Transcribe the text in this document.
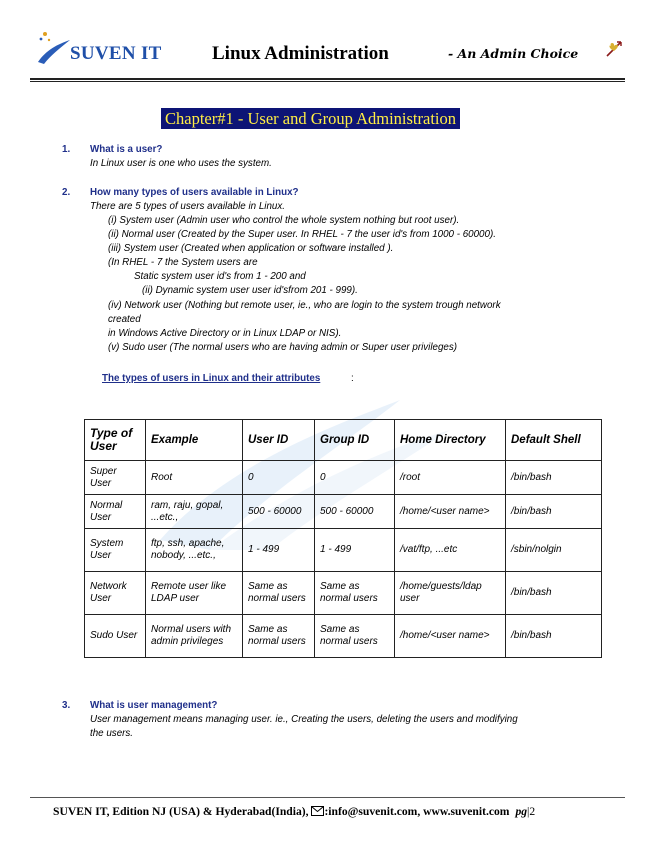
SUVEN IT	Linux Administration	- An Admin Choice
Chapter#1 - User and Group Administration
1. What is a user?
In Linux user is one who uses the system.
2. How many types of users available in Linux?
There are 5 types of users available in Linux.
(i) System user (Admin user who control the whole system nothing but root user).
(ii) Normal user (Created by the Super user. In RHEL - 7 the user id's from 1000 - 60000).
(iii) System user (Created when application or software installed ).
(In RHEL - 7 the System users are
Static system user id's from 1 - 200 and
(ii) Dynamic system user user id'sfrom 201 - 999).
(iv) Network user (Nothing but remote user, ie., who are login to the system trough network
created
in Windows Active Directory or in Linux LDAP or NIS).
(v) Sudo user (The normal users who are having admin or Super user privileges)
The types of users in Linux and their attributes	:
3. What is user management?
User management means managing user. ie., Creating the users, deleting the users and modifying
the users.
Type of User	Example	User ID	Group ID	Home Directory	Default Shell
Super User	Root	0	0	/root	/bin/bash
Normal User	ram, raju, gopal, ...etc.,	500 - 60000	500 - 60000	/home/<user name>	/bin/bash
System User	ftp, ssh, apache, nobody, ...etc.,	1 - 499	1 - 499	/vat/ftp, ...etc	/sbin/nolgin
Network User	Remote user like LDAP user	Same as normal users	Same as normal users	/home/guests/ldap user	/bin/bash
Sudo User	Normal users with admin privileges	Same as normal users	Same as normal users	/home/<user name>	/bin/bash
SUVEN IT, Edition NJ (USA) & Hyderabad(India), :info@suvenit.com, www.suvenit.com pg|2
